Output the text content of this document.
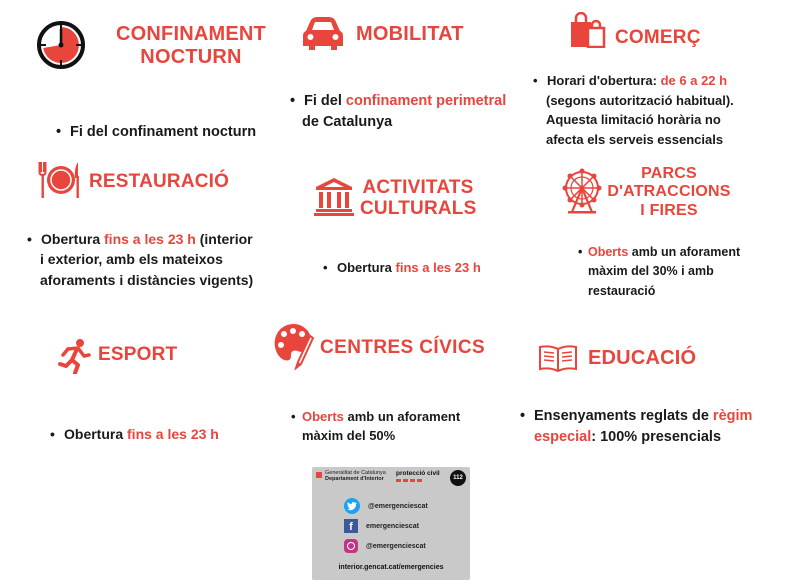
CONFINAMENT
NOCTURN
• Fi del confinament nocturn
MOBILITAT
• Fi del confinament perimetral
de Catalunya
COMERÇ
• Horari d'obertura: de 6 a 22 h
(segons autorització habitual).
Aquesta limitació horària no
afecta els serveis essencials
RESTAURACIÓ
• Obertura fins a les 23 h (interior
i exterior, amb els mateixos
aforaments i distàncies vigents)
ACTIVITATS
CULTURALS
• Obertura fins a les 23 h
PARCS
D'ATRACCIONS
I FIRES
• Oberts amb un aforament
màxim del 30% i amb
restauració
ESPORT
• Obertura fins a les 23 h
CENTRES CÍVICS
• Oberts amb un aforament
màxim del 50%
EDUCACIÓ
• Ensenyaments reglats de règim
especial: 100% presencials
Generalitat de Catalunya
Departament d'Interior
protecció civil
112
@emergenciescat
f	emergenciescat
@emergenciescat
interior.gencat.cat/emergencies
